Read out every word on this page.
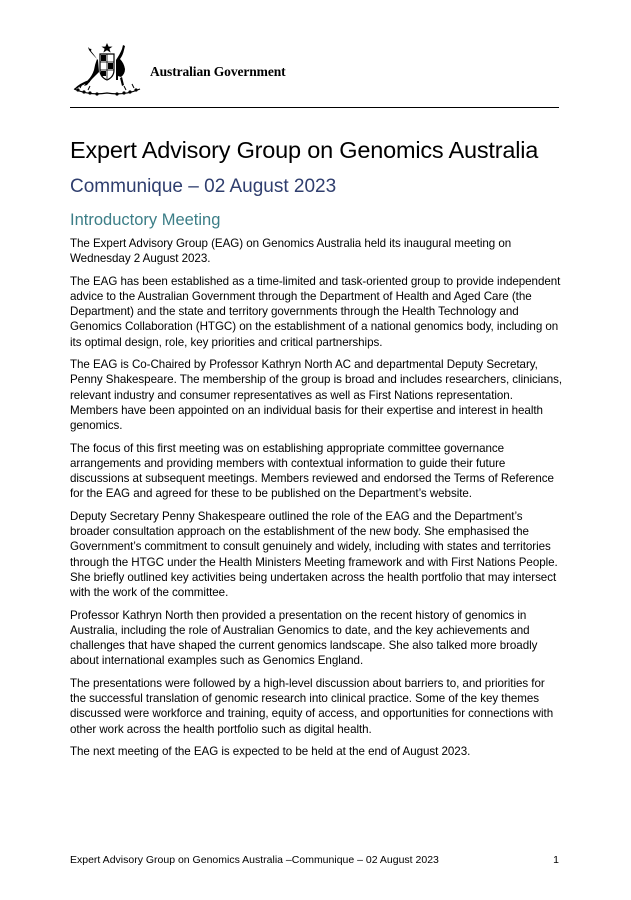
Australian Government
Expert Advisory Group on Genomics Australia
Communique – 02 August 2023
Introductory Meeting

The Expert Advisory Group (EAG) on Genomics Australia held its inaugural meeting on Wednesday 2 August 2023.

The EAG has been established as a time-limited and task-oriented group to provide independent advice to the Australian Government through the Department of Health and Aged Care (the Department) and the state and territory governments through the Health Technology and Genomics Collaboration (HTGC) on the establishment of a national genomics body, including on its optimal design, role, key priorities and critical partnerships.

The EAG is Co-Chaired by Professor Kathryn North AC and departmental Deputy Secretary, Penny Shakespeare. The membership of the group is broad and includes researchers, clinicians, relevant industry and consumer representatives as well as First Nations representation. Members have been appointed on an individual basis for their expertise and interest in health genomics.

The focus of this first meeting was on establishing appropriate committee governance arrangements and providing members with contextual information to guide their future discussions at subsequent meetings. Members reviewed and endorsed the Terms of Reference for the EAG and agreed for these to be published on the Department’s website.

Deputy Secretary Penny Shakespeare outlined the role of the EAG and the Department’s broader consultation approach on the establishment of the new body. She emphasised the Government’s commitment to consult genuinely and widely, including with states and territories through the HTGC under the Health Ministers Meeting framework and with First Nations People. She briefly outlined key activities being undertaken across the health portfolio that may intersect with the work of the committee.

Professor Kathryn North then provided a presentation on the recent history of genomics in Australia, including the role of Australian Genomics to date, and the key achievements and challenges that have shaped the current genomics landscape. She also talked more broadly about international examples such as Genomics England.

The presentations were followed by a high-level discussion about barriers to, and priorities for the successful translation of genomic research into clinical practice. Some of the key themes discussed were workforce and training, equity of access, and opportunities for connections with other work across the health portfolio such as digital health.

The next meeting of the EAG is expected to be held at the end of August 2023.

Expert Advisory Group on Genomics Australia –Communique – 02 August 2023	1
